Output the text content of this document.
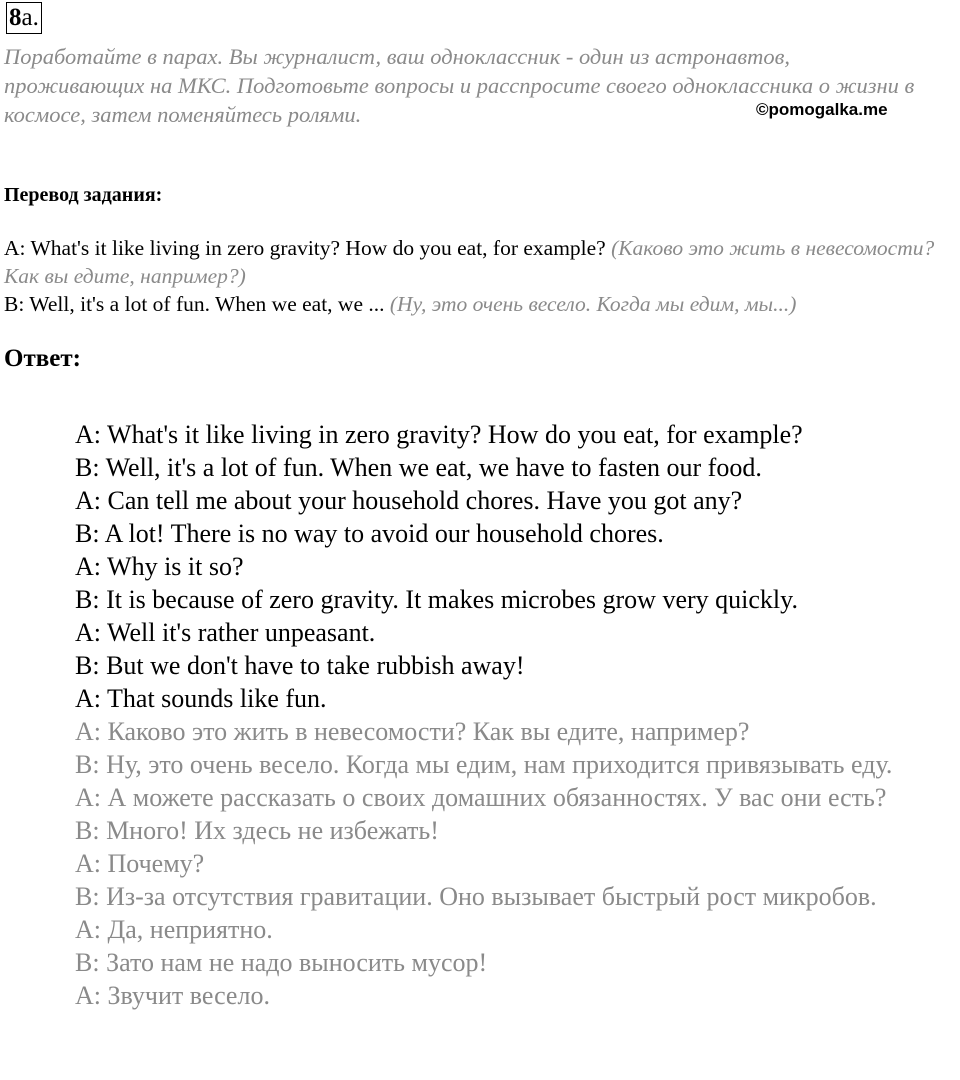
8a.

Поработайте в парах. Вы журналист, ваш одноклассник - один из астронавтов, проживающих на МКС. Подготовьте вопросы и расспросите своего одноклассника о жизни в космосе, затем поменяйтесь ролями.	©pomogalka.me
Перевод задания:

A: What's it like living in zero gravity? How do you eat, for example? (Каково это жить в невесомости? Как вы едите, например?)

B: Well, it's a lot of fun. When we eat, we ... (Ну, это очень весело. Когда мы едим, мы...)

Ответ:
A: What's it like living in zero gravity? How do you eat, for example?
B: Well, it's a lot of fun. When we eat, we have to fasten our food.
A: Can tell me about your household chores. Have you got any?
B: A lot! There is no way to avoid our household chores.
A: Why is it so?
B: It is because of zero gravity. It makes microbes grow very quickly.
A: Well it's rather unpeasant.
B: But we don't have to take rubbish away!
A: That sounds like fun.
A: Каково это жить в невесомости? Как вы едите, например?
B: Ну, это очень весело. Когда мы едим, нам приходится привязывать еду.
A: А можете рассказать о своих домашних обязанностях. У вас они есть?
B: Много! Их здесь не избежать!
A: Почему?
B: Из-за отсутствия гравитации. Оно вызывает быстрый рост микробов.
A: Да, неприятно.
B: Зато нам не надо выносить мусор!
A: Звучит весело.
